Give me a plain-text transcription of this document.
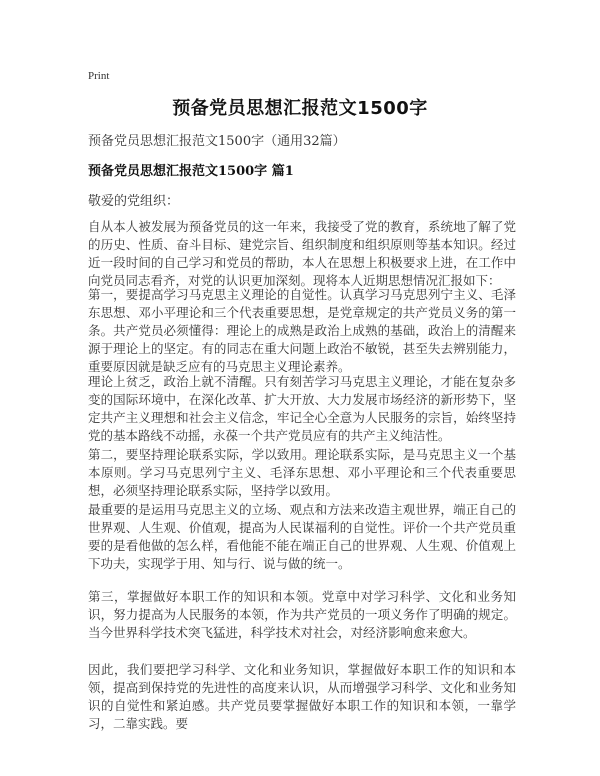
Print
预备党员思想汇报范文1500字
预备党员思想汇报范文1500字（通用32篇）
预备党员思想汇报范文1500字 篇1
敬爱的党组织：

自从本人被发展为预备党员的这一年来，我接受了党的教育，系统地了解了党的历史、性质、奋斗目标、建党宗旨、组织制度和组织原则等基本知识。经过近一段时间的自己学习和党员的帮助，本人在思想上积极要求上进，在工作中向党员同志看齐，对党的认识更加深刻。现将本人近期思想情况汇报如下：

第一，要提高学习马克思主义理论的自觉性。认真学习马克思列宁主义、毛泽东思想、邓小平理论和三个代表重要思想，是党章规定的共产党员义务的第一条。共产党员必须懂得：理论上的成熟是政治上成熟的基础，政治上的清醒来源于理论上的坚定。有的同志在重大问题上政治不敏锐，甚至失去辨别能力，重要原因就是缺乏应有的马克思主义理论素养。

理论上贫乏，政治上就不清醒。只有刻苦学习马克思主义理论，才能在复杂多变的国际环境中，在深化改革、扩大开放、大力发展市场经济的新形势下，坚定共产主义理想和社会主义信念，牢记全心全意为人民服务的宗旨，始终坚持党的基本路线不动摇，永葆一个共产党员应有的共产主义纯洁性。

第二，要坚持理论联系实际，学以致用。理论联系实际，是马克思主义一个基本原则。学习马克思列宁主义、毛泽东思想、邓小平理论和三个代表重要思想，必须坚持理论联系实际，坚持学以致用。

最重要的是运用马克思主义的立场、观点和方法来改造主观世界，端正自己的世界观、人生观、价值观，提高为人民谋福利的自觉性。评价一个共产党员重要的是看他做的怎么样，看他能不能在端正自己的世界观、人生观、价值观上下功夫，实现学于用、知与行、说与做的统一。

第三，掌握做好本职工作的知识和本领。党章中对学习科学、文化和业务知识，努力提高为人民服务的本领，作为共产党员的一项义务作了明确的规定。当今世界科学技术突飞猛进，科学技术对社会，对经济影响愈来愈大。

因此，我们要把学习科学、文化和业务知识，掌握做好本职工作的知识和本领，提高到保持党的先进性的高度来认识，从而增强学习科学、文化和业务知识的自觉性和紧迫感。共产党员要掌握做好本职工作的知识和本领，一靠学习，二靠实践。要
